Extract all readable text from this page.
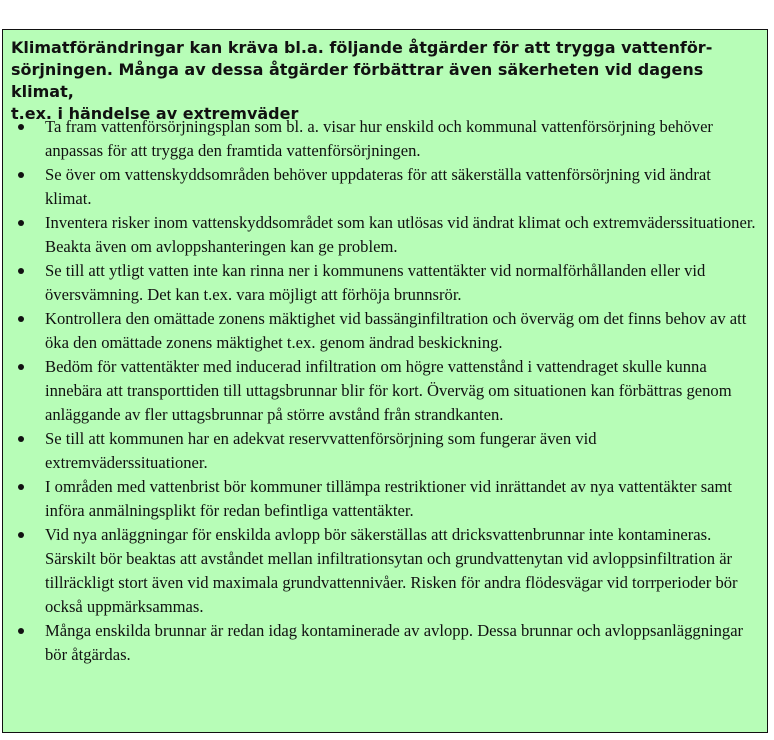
Klimatförändringar kan kräva bl.a. följande åtgärder för att trygga vattenför-
sörjningen. Många av dessa åtgärder förbättrar även säkerheten vid dagens klimat,
t.ex. i händelse av extremväder
Ta fram vattenförsörjningsplan som bl. a. visar hur enskild och kommunal vattenförsörjning behöver anpassas för att trygga den framtida vattenförsörjningen.
Se över om vattenskyddsområden behöver uppdateras för att säkerställa vattenförsörjning vid ändrat klimat.
Inventera risker inom vattenskyddsområdet som kan utlösas vid ändrat klimat och extremväderssituationer. Beakta även om avloppshanteringen kan ge problem.
Se till att ytligt vatten inte kan rinna ner i kommunens vattentäkter vid normalförhållanden eller vid översvämning. Det kan t.ex. vara möjligt att förhöja brunnsrör.
Kontrollera den omättade zonens mäktighet vid bassänginfiltration och överväg om det finns behov av att öka den omättade zonens mäktighet t.ex. genom ändrad beskickning.
Bedöm för vattentäkter med inducerad infiltration om högre vattenstånd i vattendraget skulle kunna innebära att transporttiden till uttagsbrunnar blir för kort. Överväg om situationen kan förbättras genom anläggande av fler uttagsbrunnar på större avstånd från strandkanten.
Se till att kommunen har en adekvat reservvattenförsörjning som fungerar även vid extremväderssituationer.
I områden med vattenbrist bör kommuner tillämpa restriktioner vid inrättandet av nya vattentäkter samt införa anmälningsplikt för redan befintliga vattentäkter.
Vid nya anläggningar för enskilda avlopp bör säkerställas att dricksvattenbrunnar inte kontamineras. Särskilt bör beaktas att avståndet mellan infiltrationsytan och grundvattenytan vid avloppsinfiltration är tillräckligt stort även vid maximala grundvattennivåer. Risken för andra flödesvägar vid torrperioder bör också uppmärksammas.
Många enskilda brunnar är redan idag kontaminerade av avlopp. Dessa brunnar och avloppsanläggningar bör åtgärdas.
